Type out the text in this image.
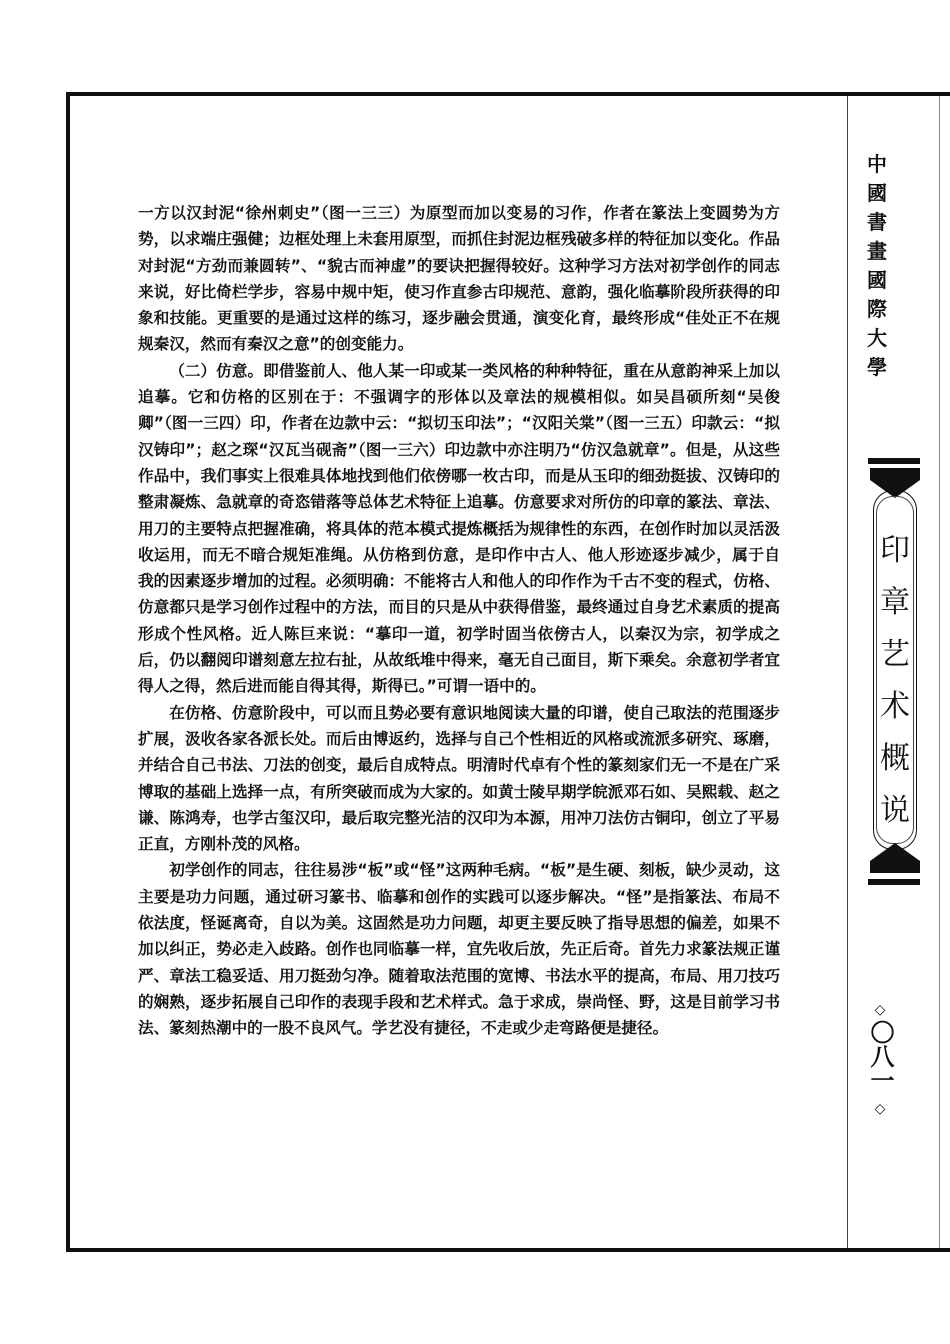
中國書畫國際大學
印章艺术概说
◇
〇八一
◇

一方以汉封泥“徐州刺史”（图一三三）为原型而加以变易的习作，作者在篆法上变圆势为方势，以求端庄强健；边框处理上未套用原型，而抓住封泥边框残破多样的特征加以变化。作品对封泥“方劲而兼圆转”、“貌古而神虚”的要诀把握得较好。这种学习方法对初学创作的同志来说，好比倚栏学步，容易中规中矩，使习作直参古印规范、意韵，强化临摹阶段所获得的印象和技能。更重要的是通过这样的练习，逐步融会贯通，演变化育，最终形成“佳处正不在规规秦汉，然而有秦汉之意”的创变能力。

（二）仿意。即借鉴前人、他人某一印或某一类风格的种种特征，重在从意韵神采上加以追摹。它和仿格的区别在于：不强调字的形体以及章法的规模相似。如吴昌硕所刻“吴俊卿”（图一三四）印，作者在边款中云：“拟切玉印法”；“汉阳关棠”（图一三五）印款云：“拟汉铸印”；赵之琛“汉瓦当砚斋”（图一三六）印边款中亦注明乃“仿汉急就章”。但是，从这些作品中，我们事实上很难具体地找到他们依傍哪一枚古印，而是从玉印的细劲挺拔、汉铸印的整肃凝炼、急就章的奇恣错落等总体艺术特征上追摹。仿意要求对所仿的印章的篆法、章法、用刀的主要特点把握准确，将具体的范本模式提炼概括为规律性的东西，在创作时加以灵活汲收运用，而无不暗合规矩准绳。从仿格到仿意，是印作中古人、他人形迹逐步减少，属于自 我的因素逐步增加的过程。必须明确：不能将古人和他人的印作作为千古不变的程式，仿格、仿意都只是学习创作过程中的方法，而目的只是从中获得借鉴，最终通过自身艺术素质的提高形成个性风格。近人陈巨来说：“摹印一道，初学时固当依傍古人，以秦汉为宗，初学成之后，仍以翻阅印谱刻意左拉右扯，从故纸堆中得来，毫无自己面目，斯下乘矣。余意初学者宜得人之得，然后进而能自得其得，斯得已。”可谓一语中的。

在仿格、仿意阶段中，可以而且势必要有意识地阅读大量的印谱，使自己取法的范围逐步扩展，汲收各家各派长处。而后由博返约，选择与自己个性相近的风格或流派多研究、琢磨，并结合自己书法、刀法的创变，最后自成特点。明清时代卓有个性的篆刻家们无一不是在广采博取的基础上选择一点，有所突破而成为大家的。如黄士陵早期学皖派邓石如、吴熙载、赵之谦、陈鸿寿，也学古玺汉印，最后取完整光洁的汉印为本源，用冲刀法仿古铜印，创立了平易正直，方刚朴茂的风格。

初学创作的同志，往往易涉“板”或“怪”这两种毛病。“板”是生硬、刻板，缺少灵动，这主要是功力问题，通过研习篆书、临摹和创作的实践可以逐步解决。“怪”是指篆法、布局不依法度，怪诞离奇，自以为美。这固然是功力问题，却更主要反映了指导思想的偏差，如果不加以纠正，势必走入歧路。创作也同临摹一样，宜先收后放，先正后奇。首先力求篆法规正谨严、章法工稳妥适、用刀挺劲匀净。随着取法范围的宽博、书法水平的提高，布局、用刀技巧的娴熟，逐步拓展自己印作的表现手段和艺术样式。急于求成，崇尚怪、野，这是目前学习书法、篆刻热潮中的一股不良风气。学艺没有捷径，不走或少走弯路便是捷径。
